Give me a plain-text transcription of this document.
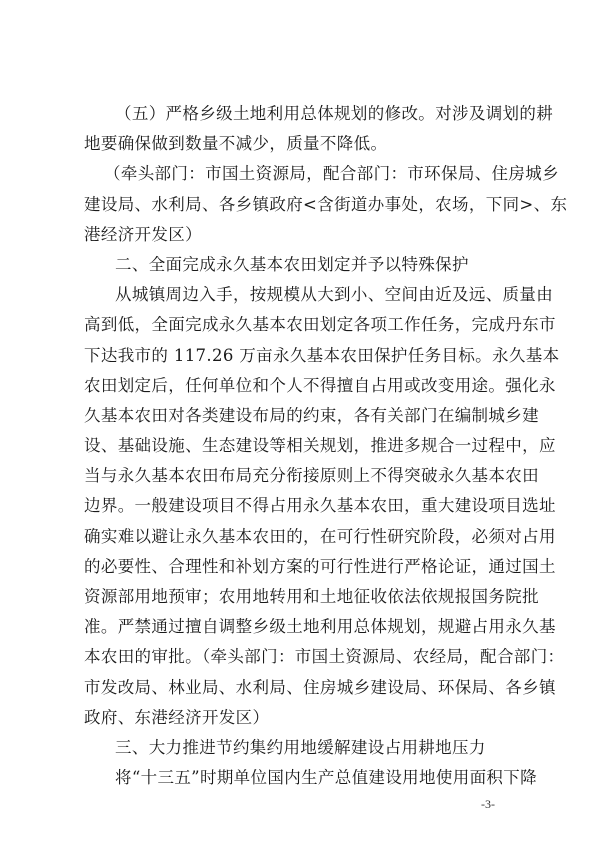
（五）严格乡级土地利用总体规划的修改。对涉及调划的耕
地要确保做到数量不减少，质量不降低。
（牵头部门：市国土资源局，配合部门：市环保局、住房城乡
建设局、水利局、各乡镇政府<含街道办事处，农场，下同>、东
港经济开发区）
二、全面完成永久基本农田划定并予以特殊保护
从城镇周边入手，按规模从大到小、空间由近及远、质量由
高到低，全面完成永久基本农田划定各项工作任务，完成丹东市
下达我市的 117.26 万亩永久基本农田保护任务目标。永久基本
农田划定后，任何单位和个人不得擅自占用或改变用途。强化永
久基本农田对各类建设布局的约束，各有关部门在编制城乡建
设、基础设施、生态建设等相关规划，推进多规合一过程中，应
当与永久基本农田布局充分衔接原则上不得突破永久基本农田
边界。一般建设项目不得占用永久基本农田，重大建设项目选址
确实难以避让永久基本农田的，在可行性研究阶段，必须对占用
的必要性、合理性和补划方案的可行性进行严格论证，通过国土
资源部用地预审；农用地转用和土地征收依法依规报国务院批
准。严禁通过擅自调整乡级土地利用总体规划，规避占用永久基
本农田的审批。（牵头部门：市国土资源局、农经局，配合部门：
市发改局、林业局、水利局、住房城乡建设局、环保局、各乡镇
政府、东港经济开发区）
三、大力推进节约集约用地缓解建设占用耕地压力
将“十三五”时期单位国内生产总值建设用地使用面积下降
-3-
